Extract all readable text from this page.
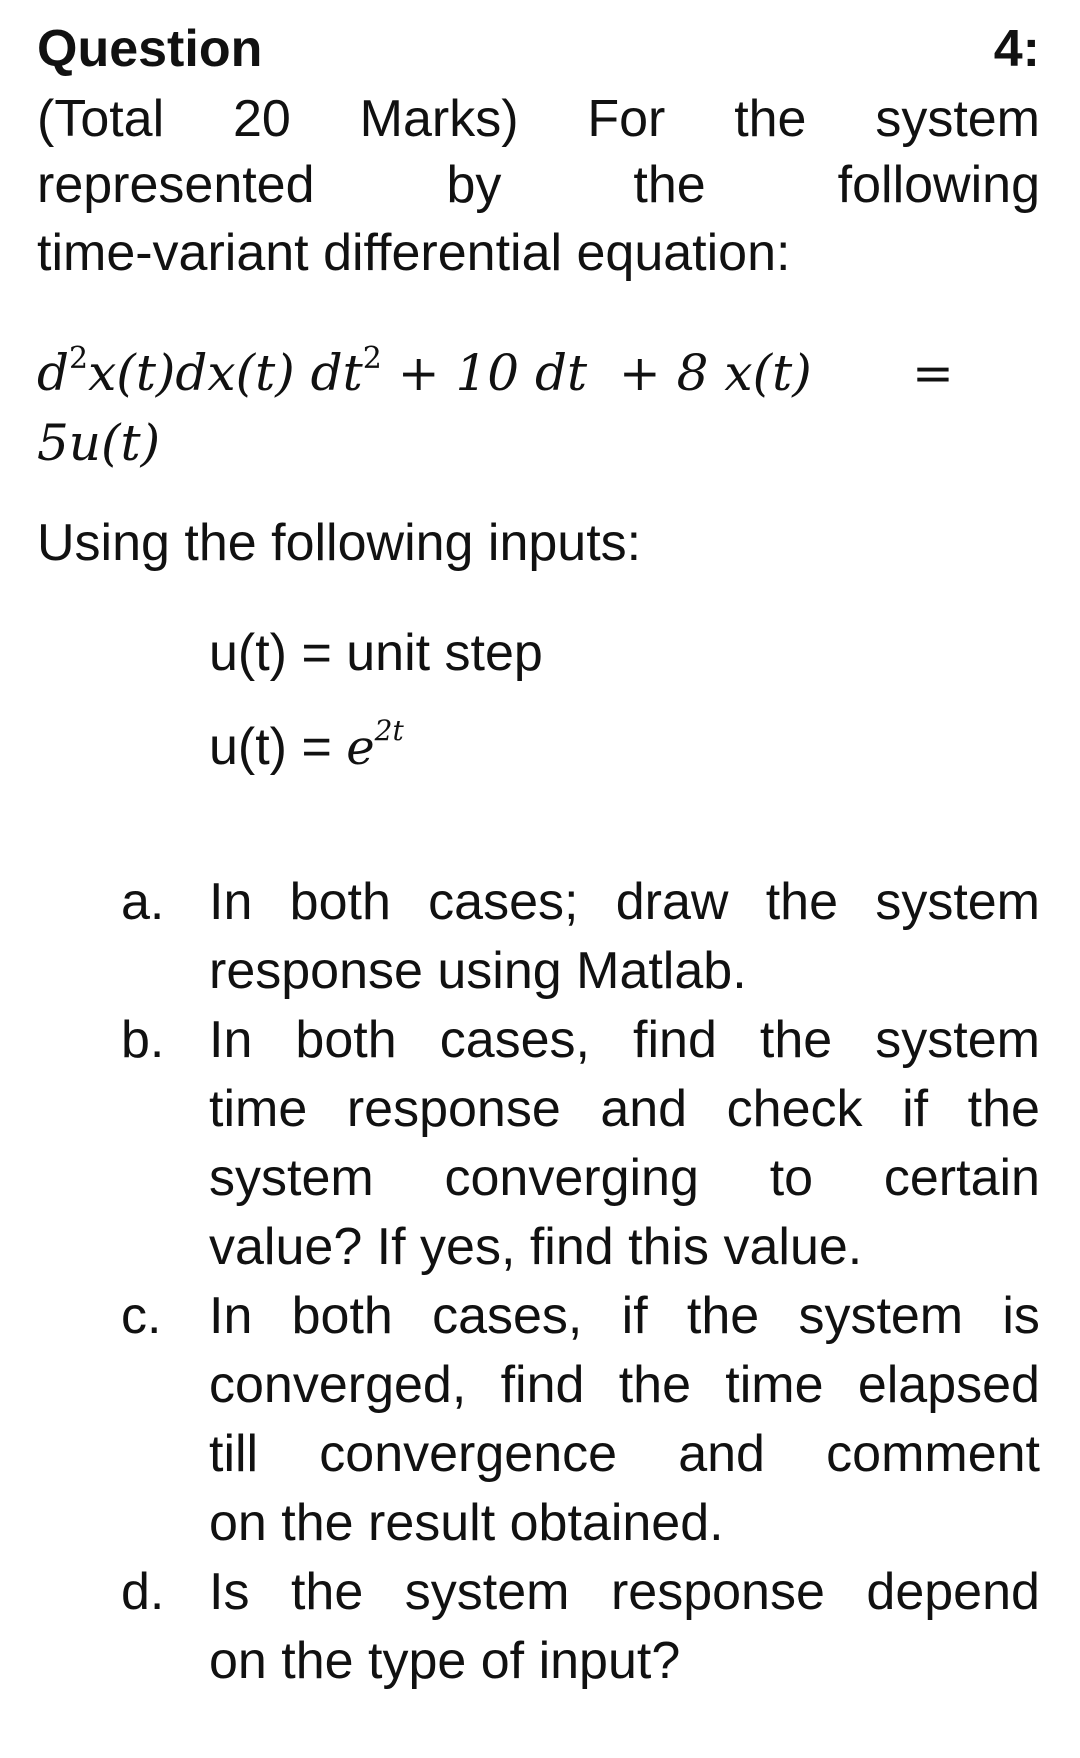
Question	4:
(Total 20 Marks) For the system
represented	by	the	following
time-variant differential equation:
$d^2x(t)dx(t) dt^2 + 10$ dt  + 8 x(t) =
5u(t)
Using the following inputs:
u(t) = unit step
$u(t) = e^{2t}$
a. In both cases; draw the system
response using Matlab.
b. In both cases, find the system
time response and check if the
system converging to certain
value? If yes, find this value.
c. In both cases, if the system is
converged, find the time elapsed
till convergence and comment
on the result obtained.
d. Is the system response depend
on the type of input?
